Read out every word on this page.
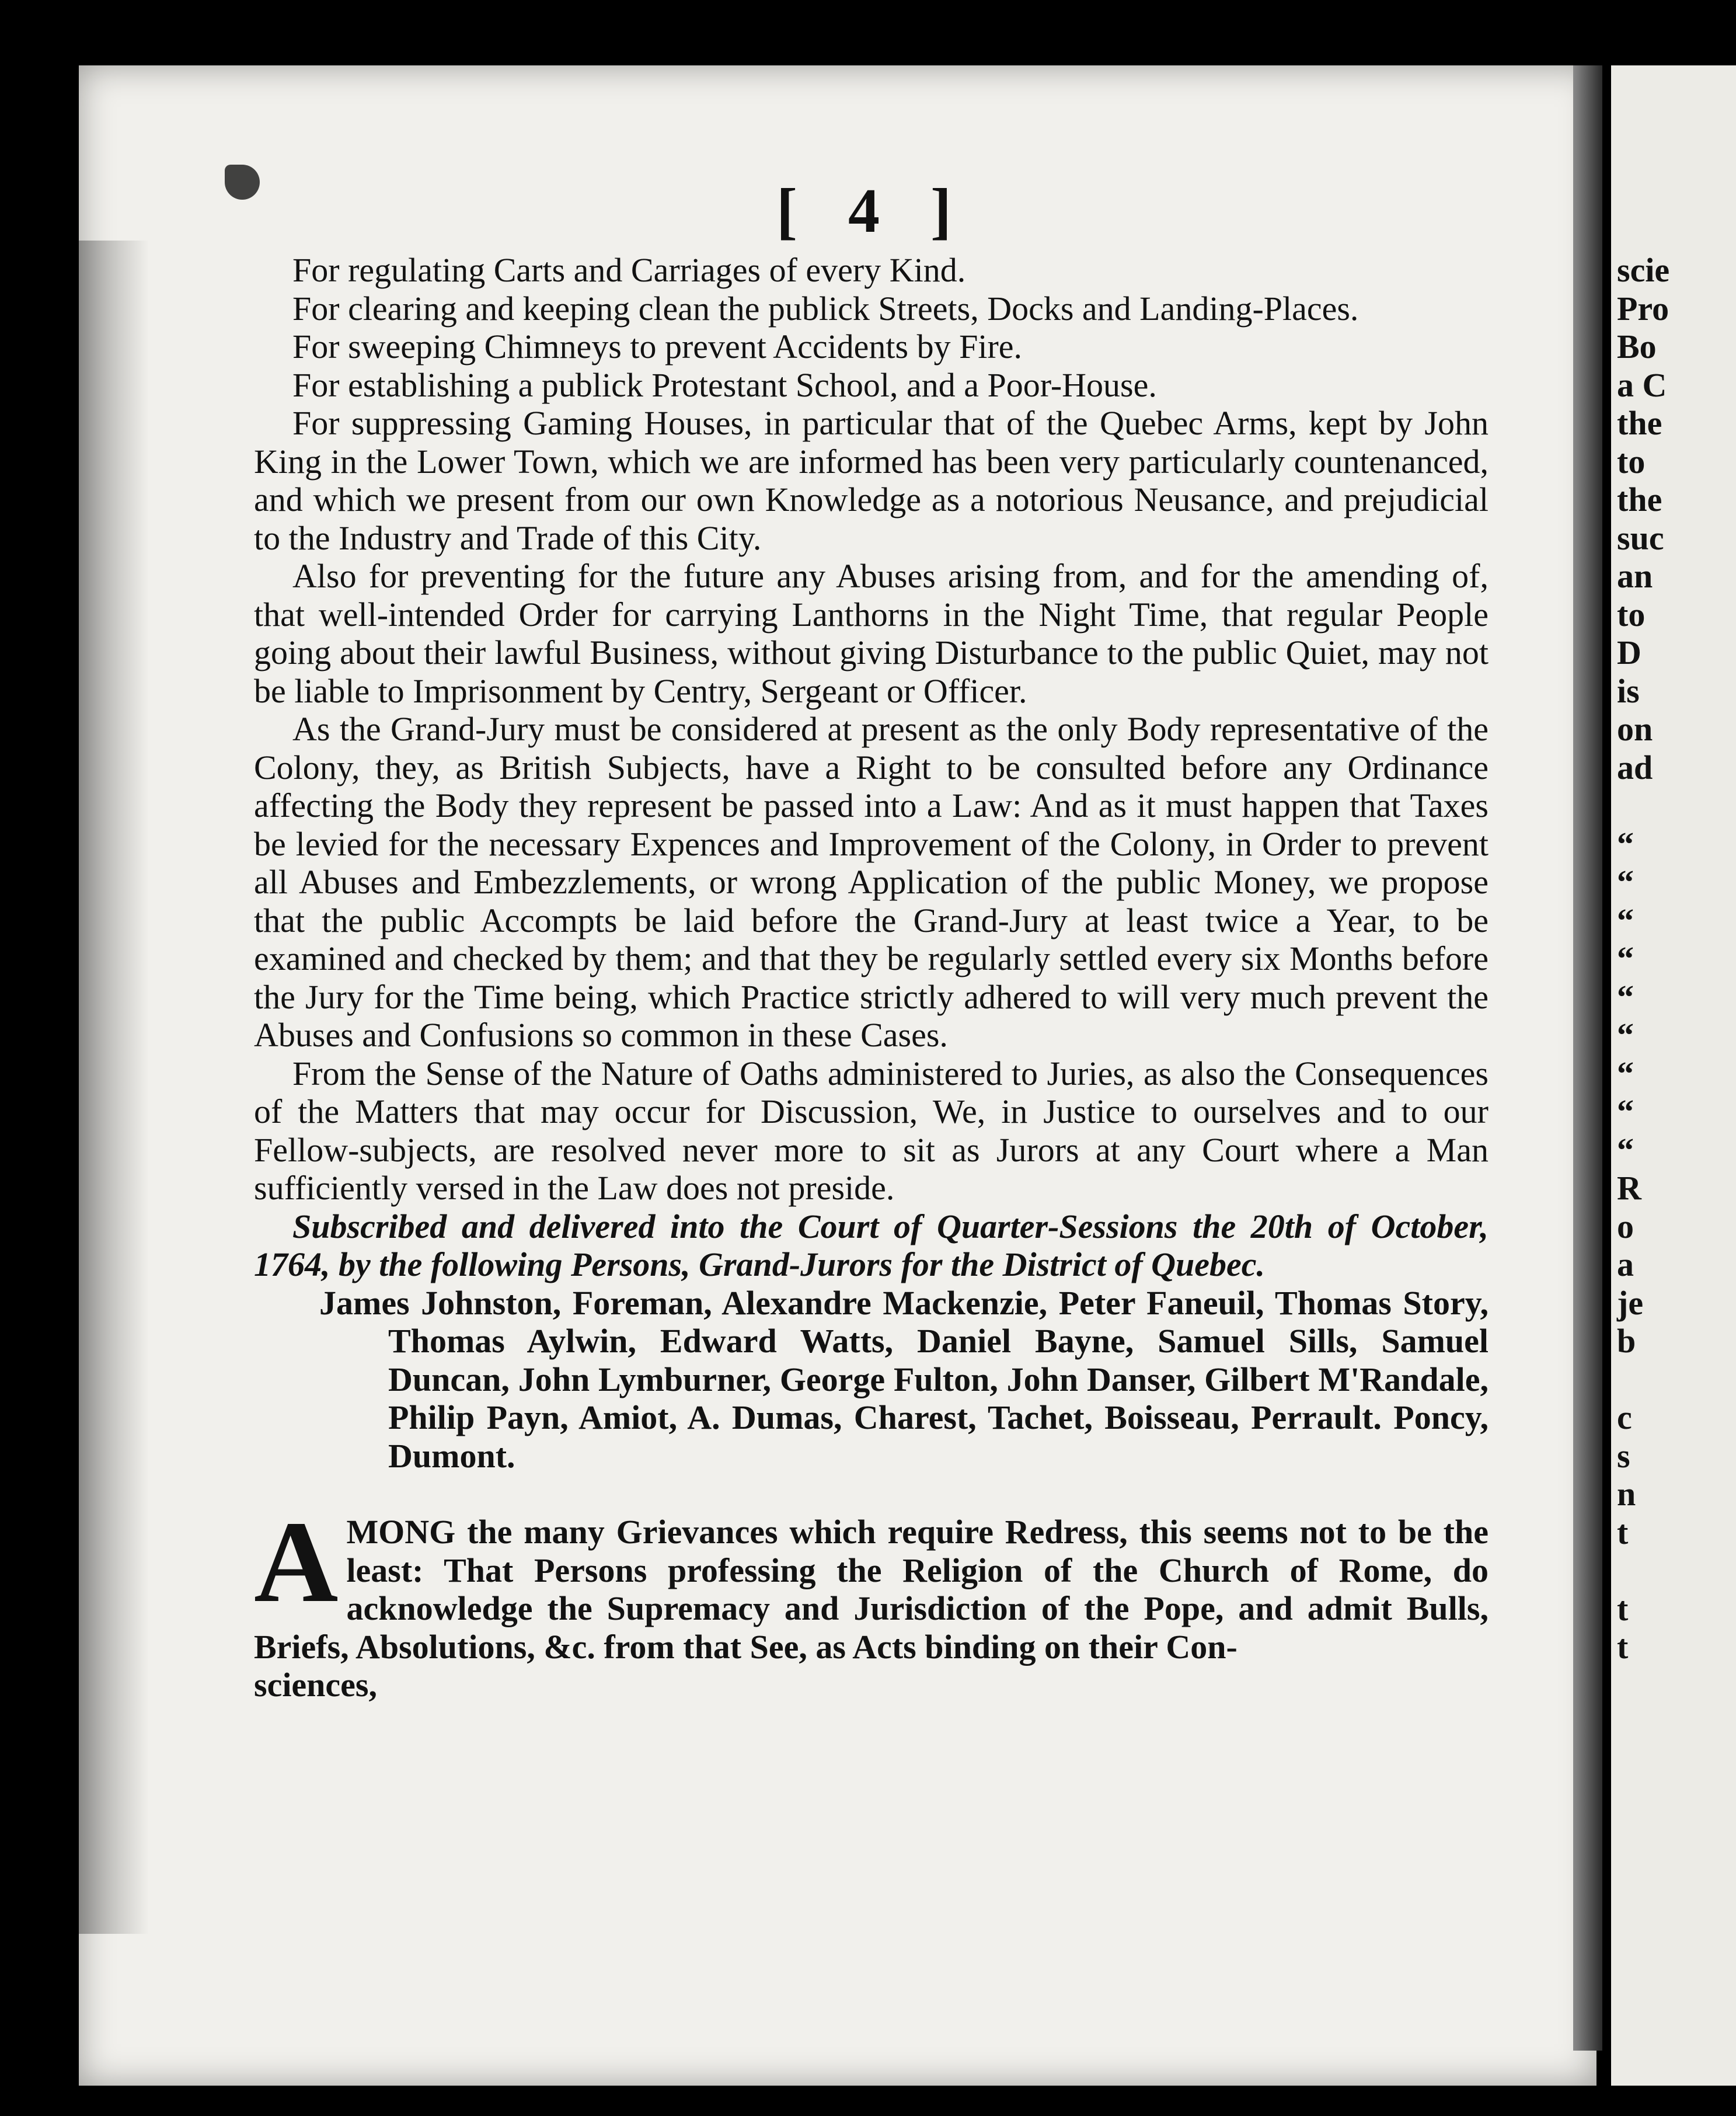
[ 4 ]

For regulating Carts and Carriages of every Kind.

For clearing and keeping clean the publick Streets, Docks and Landing-Places.

For sweeping Chimneys to prevent Accidents by Fire.

For establishing a publick Protestant School, and a Poor-House.

For suppressing Gaming Houses, in particular that of the Quebec Arms, kept by John King in the Lower Town, which we are informed has been very particularly countenanced, and which we present from our own Knowledge as a notorious Neusance, and prejudicial to the Industry and Trade of this City.

Also for preventing for the future any Abuses arising from, and for the amending of, that well-intended Order for carrying Lanthorns in the Night Time, that regular People going about their lawful Business, without giving Disturbance to the public Quiet, may not be liable to Imprisonment by Centry, Sergeant or Officer.

As the Grand-Jury must be considered at present as the only Body representative of the Colony, they, as British Subjects, have a Right to be consulted before any Ordinance affecting the Body they represent be passed into a Law: And as it must happen that Taxes be levied for the necessary Expences and Improvement of the Colony, in Order to prevent all Abuses and Embezzlements, or wrong Application of the public Money, we propose that the public Accompts be laid before the Grand-Jury at least twice a Year, to be examined and checked by them; and that they be regularly settled every six Months before the Jury for the Time being, which Practice strictly adhered to will very much prevent the Abuses and Confusions so common in these Cases.

From the Sense of the Nature of Oaths administered to Juries, as also the Consequences of the Matters that may occur for Discussion, We, in Justice to ourselves and to our Fellow-subjects, are resolved never more to sit as Jurors at any Court where a Man sufficiently versed in the Law does not preside.

Subscribed and delivered into the Court of Quarter-Sessions the 20th of October, 1764, by the following Persons, Grand-Jurors for the District of Quebec.

James Johnston, Foreman, Alexandre Mackenzie, Peter Faneuil, Thomas Story, Thomas Aylwin, Edward Watts, Daniel Bayne, Samuel Sills, Samuel Duncan, John Lymburner, George Fulton, John Danser, Gilbert M'Randale, Philip Payn, Amiot, A. Dumas, Charest, Tachet, Boisseau, Perrault. Poncy, Dumont.

A MONG the many Grievances which require Redress, this seems not to be the least: That Persons professing the Religion of the Church of Rome, do acknowledge the Supremacy and Jurisdiction of the Pope, and admit Bulls, Briefs, Absolutions, &c. from that See, as Acts binding on their Con-

sciences,

scie
Pro
Bo
a C
the
to
the
suc
an
to
D
is
on
ad
“
“
“
“
“
“
“
“
“
R
o
a
je
b
c
s
n
t
t
t
